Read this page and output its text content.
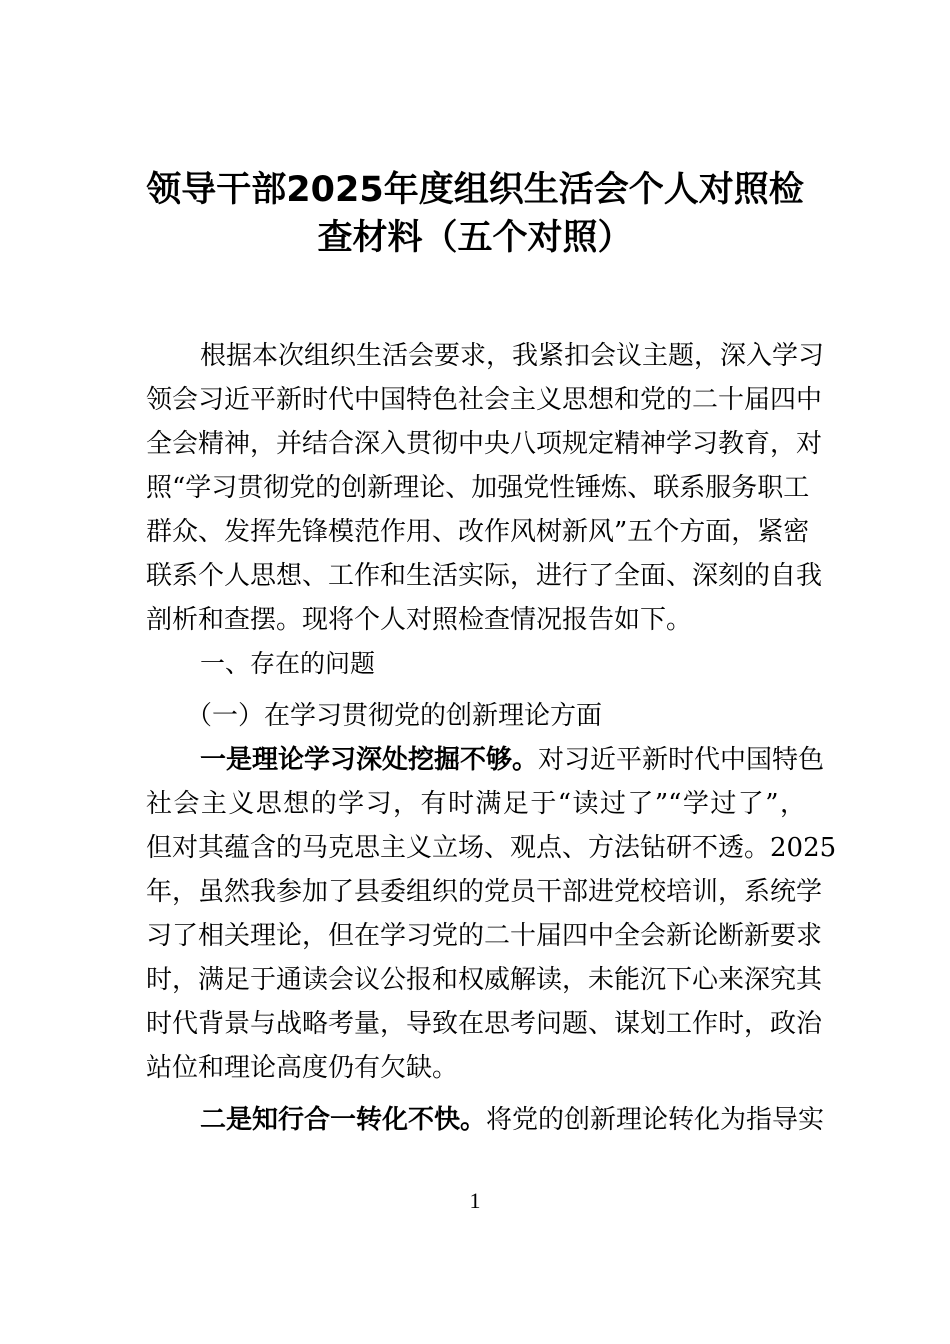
领导干部2025年度组织生活会个人对照检
查材料（五个对照）
根据本次组织生活会要求，我紧扣会议主题，深入学习
领会习近平新时代中国特色社会主义思想和党的二十届四中
全会精神，并结合深入贯彻中央八项规定精神学习教育，对
照“学习贯彻党的创新理论、加强党性锤炼、联系服务职工
群众、发挥先锋模范作用、改作风树新风”五个方面，紧密
联系个人思想、工作和生活实际，进行了全面、深刻的自我
剖析和查摆。现将个人对照检查情况报告如下。
一、存在的问题
（一）在学习贯彻党的创新理论方面
一是理论学习深处挖掘不够。对习近平新时代中国特色
社会主义思想的学习，有时满足于“读过了”“学过了”，
但对其蕴含的马克思主义立场、观点、方法钻研不透。2025
年，虽然我参加了县委组织的党员干部进党校培训，系统学
习了相关理论，但在学习党的二十届四中全会新论断新要求
时，满足于通读会议公报和权威解读，未能沉下心来深究其
时代背景与战略考量，导致在思考问题、谋划工作时，政治
站位和理论高度仍有欠缺。
二是知行合一转化不快。将党的创新理论转化为指导实
1
